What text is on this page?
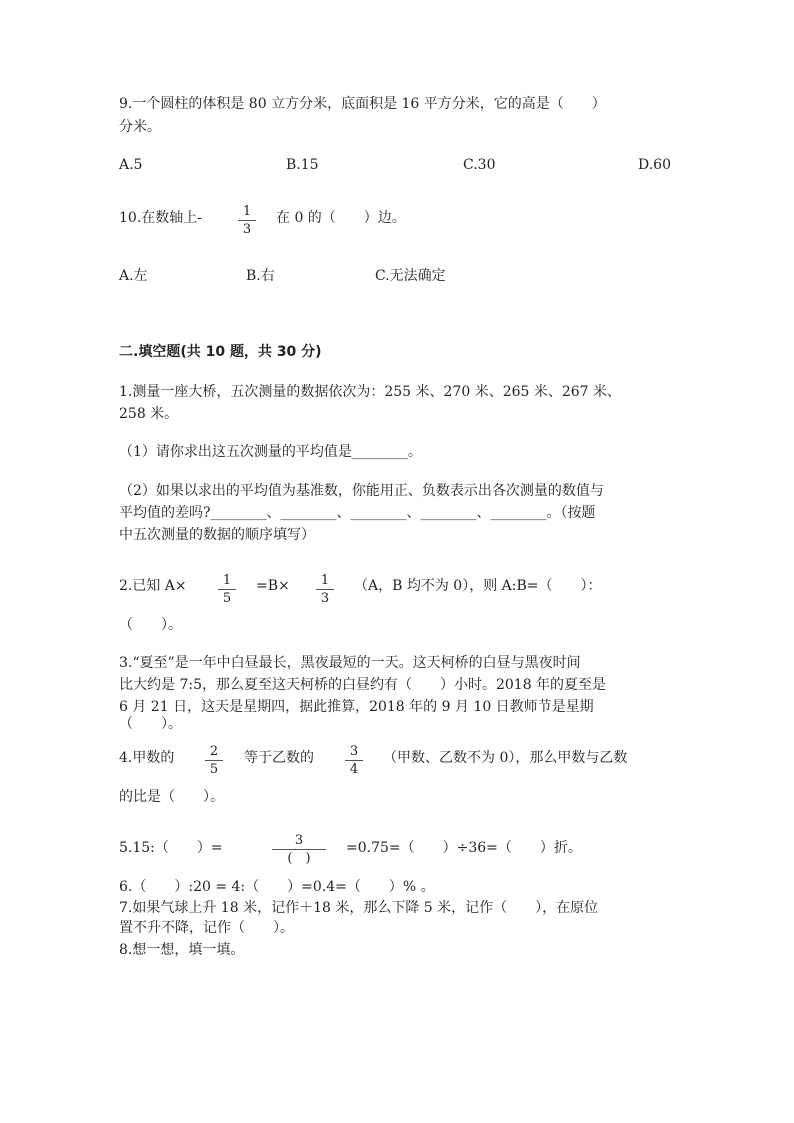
9.一个圆柱的体积是 80 立方分米，底面积是 16 平方分米，它的高是（　　）
分米。
A.5	B.15	C.30	D.60
10.在数轴上-	1
3
在 0 的（　　）边。
A.左	B.右	C.无法确定
二.填空题(共 10 题，共 30 分)
1.测量一座大桥，五次测量的数据依次为：255 米、270 米、265 米、267 米、
258 米。
（1）请你求出这五次测量的平均值是________。
（2）如果以求出的平均值为基准数，你能用正、负数表示出各次测量的数值与
平均值的差吗?________、________、________、________、________。（按题
中五次测量的数据的顺序填写）
2.已知 A×	1
5
=B×	1
3
（A，B 均不为 0），则 A:B=（　　）：
（　　）。
3.“夏至”是一年中白昼最长，黑夜最短的一天。这天柯桥的白昼与黑夜时间
比大约是 7:5，那么夏至这天柯桥的白昼约有（　　）小时。2018 年的夏至是
6 月 21 日，这天是星期四，据此推算，2018 年的 9 月 10 日教师节是星期
（　　）。
4.甲数的	2
5
等于乙数的	3
4
（甲数、乙数不为 0），那么甲数与乙数
的比是（　　）。
5.15:（　　）=	3
(　)
=0.75=（　　）÷36=（　　）折。
6.（　　）:20 = 4:（　　）=0.4=（　　）% 。
7.如果气球上升 18 米，记作＋18 米，那么下降 5 米，记作（　　），在原位
置不升不降，记作（　　）。
8.想一想，填一填。
